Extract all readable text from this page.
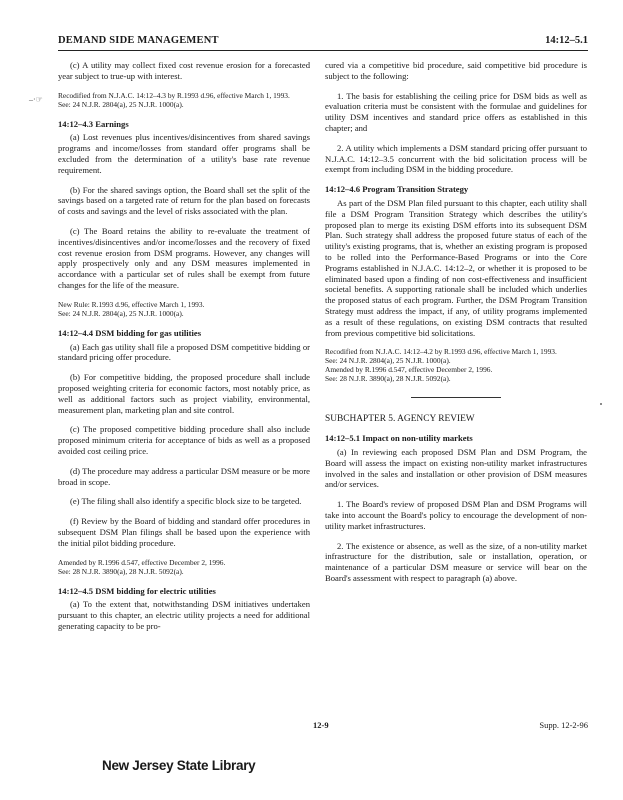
DEMAND SIDE MANAGEMENT	14:12–5.1
–·☞

(c) A utility may collect fixed cost revenue erosion for a forecasted year subject to true-up with interest.

Recodified from N.J.A.C. 14:12–4.3 by R.1993 d.96, effective March 1, 1993.
See: 24 N.J.R. 2804(a), 25 N.J.R. 1000(a).
14:12–4.3 Earnings

(a) Lost revenues plus incentives/disincentives from shared savings programs and income/losses from standard offer programs shall be excluded from the determination of a utility's base rate revenue requirement.

(b) For the shared savings option, the Board shall set the split of the savings based on a targeted rate of return for the plan based on forecasts of costs and savings and the level of risks associated with the plan.

(c) The Board retains the ability to re-evaluate the treatment of incentives/disincentives and/or income/losses and the recovery of fixed cost revenue erosion from DSM programs. However, any changes will apply prospectively only and any DSM measures implemented in accordance with a particular set of rules shall be exempt from future changes for the life of the measure.

New Rule: R.1993 d.96, effective March 1, 1993.
See: 24 N.J.R. 2804(a), 25 N.J.R. 1000(a).
14:12–4.4 DSM bidding for gas utilities

(a) Each gas utility shall file a proposed DSM competitive bidding or standard pricing offer procedure.

(b) For competitive bidding, the proposed procedure shall include proposed weighting criteria for economic factors, most notably price, as well as additional factors such as project viability, environmental, measurement plan, marketing plan and site control.

(c) The proposed competitive bidding procedure shall also include proposed minimum criteria for acceptance of bids as well as a proposed avoided cost ceiling price.

(d) The procedure may address a particular DSM measure or be more broad in scope.

(e) The filing shall also identify a specific block size to be targeted.

(f) Review by the Board of bidding and standard offer procedures in subsequent DSM Plan filings shall be based upon the experience with the initial pilot bidding procedure.

Amended by R.1996 d.547, effective December 2, 1996.
See: 28 N.J.R. 3890(a), 28 N.J.R. 5092(a).
14:12–4.5 DSM bidding for electric utilities

(a) To the extent that, notwithstanding DSM initiatives undertaken pursuant to this chapter, an electric utility projects a need for additional generating capacity to be pro-

cured via a competitive bid procedure, said competitive bid procedure is subject to the following:

1. The basis for establishing the ceiling price for DSM bids as well as evaluation criteria must be consistent with the formulae and guidelines for utility DSM incentives and standard price offers as established in this chapter; and

2. A utility which implements a DSM standard pricing offer pursuant to N.J.A.C. 14:12–3.5 concurrent with the bid solicitation process will be exempt from including DSM in the bidding procedure.

14:12–4.6 Program Transition Strategy

As part of the DSM Plan filed pursuant to this chapter, each utility shall file a DSM Program Transition Strategy which describes the utility's proposed plan to merge its existing DSM efforts into its subsequent DSM Plan. Such strategy shall address the proposed future status of each of the utility's existing programs, that is, whether an existing program is proposed to be rolled into the Performance-Based Programs or into the Core Programs established in N.J.A.C. 14:12–2, or whether it is proposed to be eliminated based upon a finding of non cost-effectiveness and insufficient societal benefits. A supporting rationale shall be included which underlies the proposed status of each program. Further, the DSM Program Transition Strategy must address the impact, if any, of utility programs implemented as a result of these regulations, on existing DSM contracts that resulted from previous competitive bid solicitations.

Recodified from N.J.A.C. 14:12–4.2 by R.1993 d.96, effective March 1, 1993.
See: 24 N.J.R. 2804(a), 25 N.J.R. 1000(a).
Amended by R.1996 d.547, effective December 2, 1996.
See: 28 N.J.R. 3890(a), 28 N.J.R. 5092(a).
SUBCHAPTER 5. AGENCY REVIEW
14:12–5.1 Impact on non-utility markets

(a) In reviewing each proposed DSM Plan and DSM Program, the Board will assess the impact on existing non-utility market infrastructures involved in the sales and installation or other provision of DSM measures and/or services.

1. The Board's review of proposed DSM Plan and DSM Programs will take into account the Board's policy to encourage the development of non-utility market infrastructures.

2. The existence or absence, as well as the size, of a non-utility market infrastructure for the distribution, sale or installation, operation, or maintenance of a particular DSM measure or service will bear on the Board's assessment with respect to paragraph (a) above.

12-9	Supp. 12-2-96
New Jersey State Library
